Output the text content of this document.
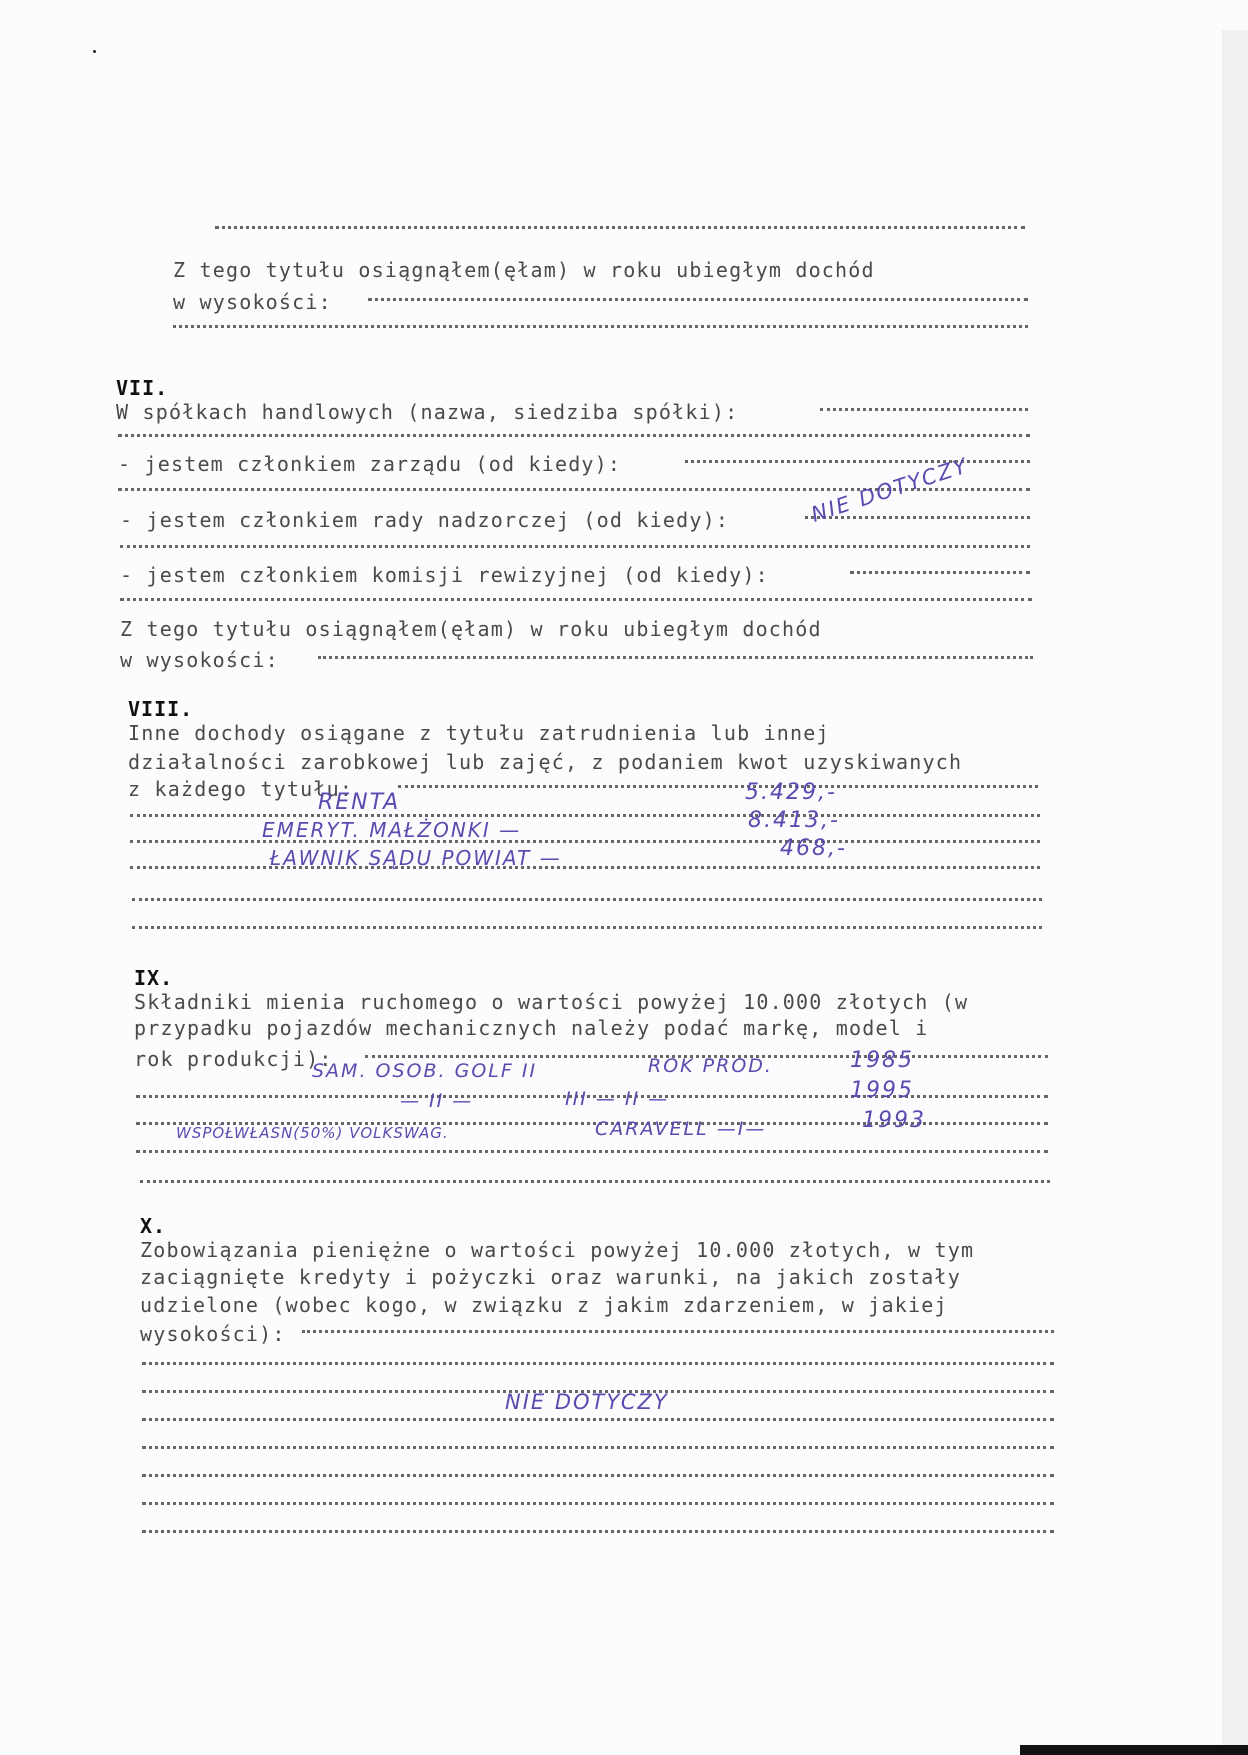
Z tego tytułu osiągnąłem(ęłam) w roku ubiegłym dochód
w wysokości:
VII.
W spółkach handlowych (nazwa, siedziba spółki):
- jestem członkiem zarządu (od kiedy):
- jestem członkiem rady nadzorczej (od kiedy):	NIE DOTYCZY
- jestem członkiem komisji rewizyjnej (od kiedy):
Z tego tytułu osiągnąłem(ęłam) w roku ubiegłym dochód
w wysokości:
VIII.
Inne dochody osiągane z tytułu zatrudnienia lub innej
działalności zarobkowej lub zajęć, z podaniem kwot uzyskiwanych
z każdego tytułu:
RENTA	5.429,-
EMERYT. MAŁŻONKI —	8.413,-
ŁAWNIK SĄDU POWIAT —	468,-
IX.
Składniki mienia ruchomego o wartości powyżej 10.000 złotych (w
przypadku pojazdów mechanicznych należy podać markę, model i
rok produkcji):
SAM. OSOB. GOLF II	ROK PROD.	1985
— II —	III — II —	1995
WSPÓŁWŁASN(50%) VOLKSWAG.	CARAVELL —I—	1993
X.
Zobowiązania pieniężne o wartości powyżej 10.000 złotych, w tym
zaciągnięte kredyty i pożyczki oraz warunki, na jakich zostały
udzielone (wobec kogo, w związku z jakim zdarzeniem, w jakiej
wysokości):
NIE DOTYCZY
